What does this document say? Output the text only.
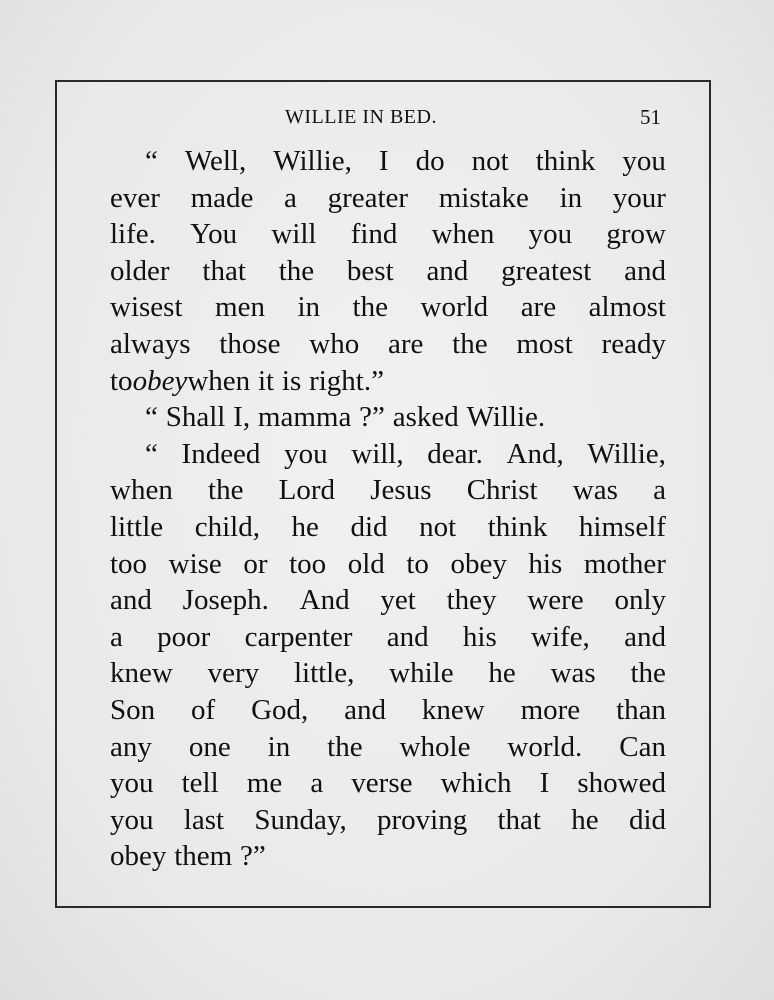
WILLIE IN BED.	51
“ Well, Willie, I do not think you
ever made a greater mistake in your
life. You will find when you grow
older that the best and greatest and
wisest men in the world are almost
always those who are the most ready
to obey when it is right.”
“ Shall I, mamma ?” asked Willie.
“ Indeed you will, dear. And, Willie,
when the Lord Jesus Christ was a
little child, he did not think himself
too wise or too old to obey his mother
and Joseph. And yet they were only
a poor carpenter and his wife, and
knew very little, while he was the
Son of God, and knew more than
any one in the whole world. Can
you tell me a verse which I showed
you last Sunday, proving that he did
obey them ?”
